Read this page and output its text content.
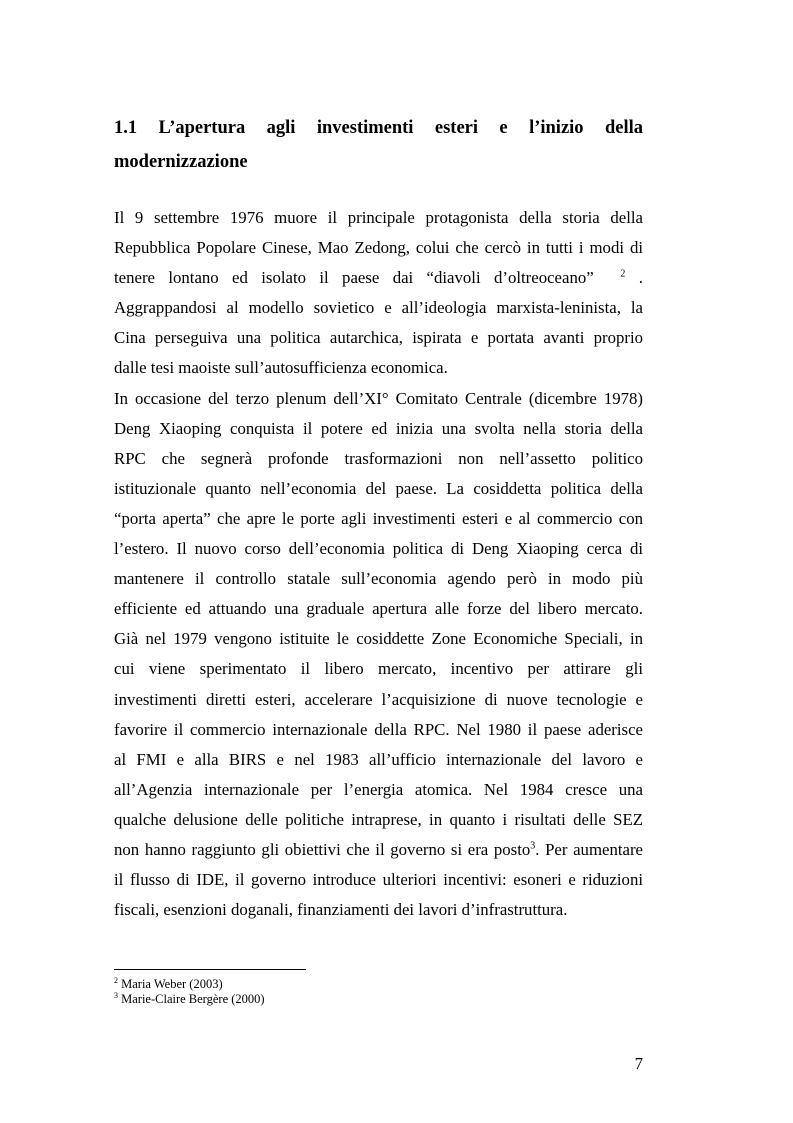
1.1 L’apertura agli investimenti esteri e l’inizio della
modernizzazione
Il 9 settembre 1976 muore il principale protagonista della storia della
Repubblica Popolare Cinese, Mao Zedong, colui che cercò in tutti i modi di
tenere lontano ed isolato il paese dai “diavoli d’oltreoceano”	$^2$ .
Aggrappandosi al modello sovietico e all’ideologia marxista-leninista, la
Cina perseguiva una politica autarchica, ispirata e portata avanti proprio
dalle tesi maoiste sull’autosufficienza economica.
In occasione del terzo plenum dell’XI° Comitato Centrale (dicembre 1978)
Deng Xiaoping conquista il potere ed inizia una svolta nella storia della
RPC che segnerà profonde trasformazioni non nell’assetto politico
istituzionale quanto nell’economia del paese. La cosiddetta politica della
“porta aperta” che apre le porte agli investimenti esteri e al commercio con
l’estero. Il nuovo corso dell’economia politica di Deng Xiaoping cerca di
mantenere il controllo statale sull’economia agendo però in modo più
efficiente ed attuando una graduale apertura alle forze del libero mercato.
Già nel 1979 vengono istituite le cosiddette Zone Economiche Speciali, in
cui viene sperimentato il libero mercato, incentivo per attirare gli
investimenti diretti esteri, accelerare l’acquisizione di nuove tecnologie e
favorire il commercio internazionale della RPC. Nel 1980 il paese aderisce
al FMI e alla BIRS e nel 1983 all’ufficio internazionale del lavoro e
all’Agenzia internazionale per l’energia atomica. Nel 1984 cresce una
qualche delusione delle politiche intraprese, in quanto i risultati delle SEZ
non hanno raggiunto gli obiettivi che il governo si era posto$^3$. Per aumentare
il flusso di IDE, il governo introduce ulteriori incentivi: esoneri e riduzioni
fiscali, esenzioni doganali, finanziamenti dei lavori d’infrastruttura.
$^2$ Maria Weber (2003)
$^3$ Marie-Claire Bergère (2000)
7
